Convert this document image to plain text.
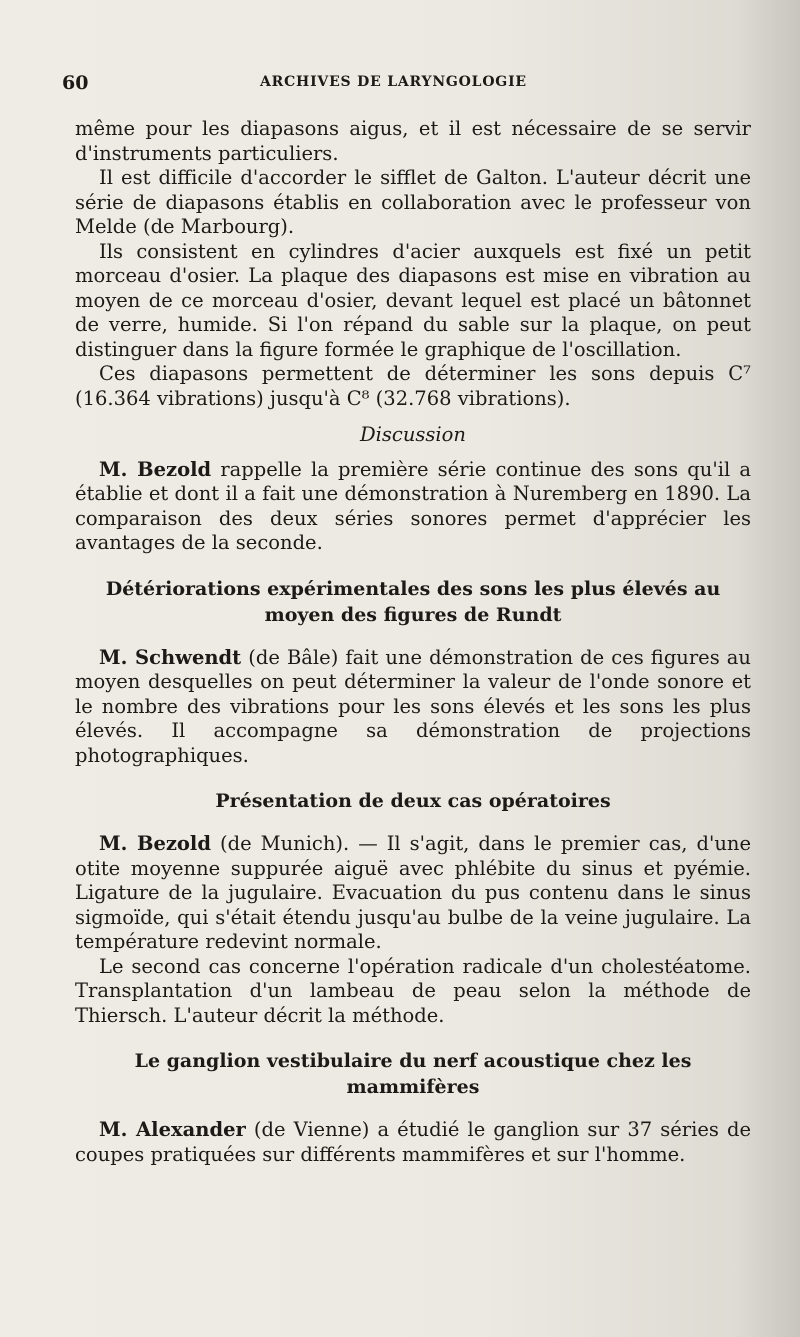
60	ARCHIVES DE LARYNGOLOGIE

même pour les diapasons aigus, et il est nécessaire de se servir d'instruments particuliers.

Il est difficile d'accorder le sifflet de Galton. L'auteur décrit une série de diapasons établis en collaboration avec le professeur von Melde (de Marbourg).

Ils consistent en cylindres d'acier auxquels est fixé un petit morceau d'osier. La plaque des diapasons est mise en vibration au moyen de ce morceau d'osier, devant lequel est placé un bâtonnet de verre, humide. Si l'on répand du sable sur la plaque, on peut distinguer dans la figure formée le graphique de l'oscillation.

Ces diapasons permettent de déterminer les sons depuis C⁷ (16.364 vibrations) jusqu'à C⁸ (32.768 vibrations).

Discussion

M. Bezold rappelle la première série continue des sons qu'il a établie et dont il a fait une démonstration à Nuremberg en 1890. La comparaison des deux séries sonores permet d'apprécier les avantages de la seconde.

Détériorations expérimentales des sons les plus élevés au moyen des figures de Rundt

M. Schwendt (de Bâle) fait une démonstration de ces figures au moyen desquelles on peut déterminer la valeur de l'onde sonore et le nombre des vibrations pour les sons élevés et les sons les plus élevés. Il accompagne sa démonstration de projections photographiques.

Présentation de deux cas opératoires

M. Bezold (de Munich). — Il s'agit, dans le premier cas, d'une otite moyenne suppurée aiguë avec phlébite du sinus et pyémie. Ligature de la jugulaire. Evacuation du pus contenu dans le sinus sigmoïde, qui s'était étendu jusqu'au bulbe de la veine jugulaire. La température redevint normale.

Le second cas concerne l'opération radicale d'un cholestéatome. Transplantation d'un lambeau de peau selon la méthode de Thiersch. L'auteur décrit la méthode.

Le ganglion vestibulaire du nerf acoustique chez les mammifères

M. Alexander (de Vienne) a étudié le ganglion sur 37 séries de coupes pratiquées sur différents mammifères et sur l'homme.
